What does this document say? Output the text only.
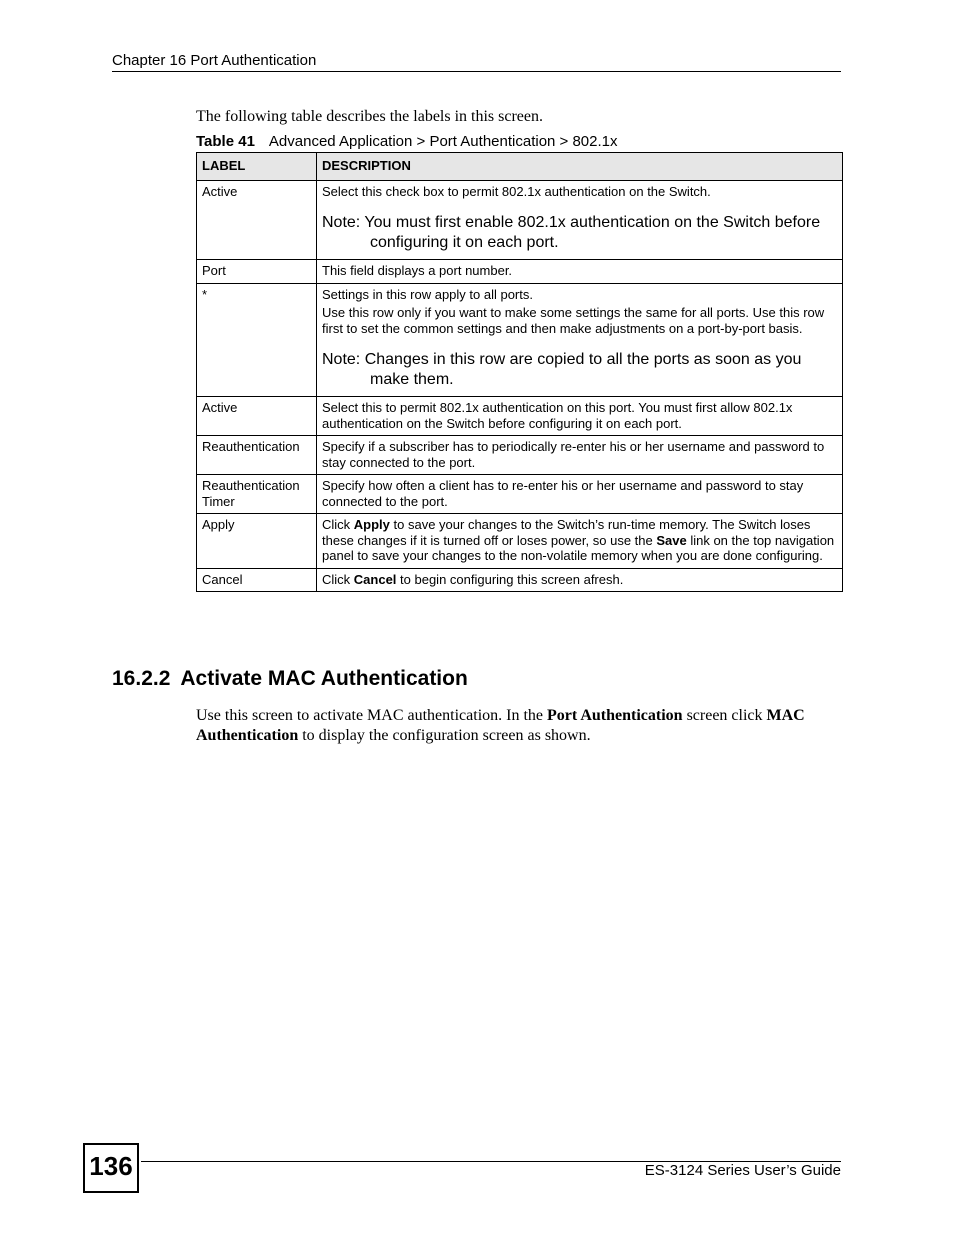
Chapter 16 Port Authentication
The following table describes the labels in this screen.
Table 41 Advanced Application > Port Authentication > 802.1x
LABEL	DESCRIPTION
Active	Select this check box to permit 802.1x authentication on the Switch.

Note: You must first enable 802.1x authentication on the Switch before configuring it on each port.

Port	This field displays a port number.

*	Settings in this row apply to all ports.

Use this row only if you want to make some settings the same for all ports. Use this row first to set the common settings and then make adjustments on a port-by-port basis.

Note: Changes in this row are copied to all the ports as soon as you make them.

Active	Select this to permit 802.1x authentication on this port. You must first allow 802.1x authentication on the Switch before configuring it on each port.

Reauthentication	Specify if a subscriber has to periodically re-enter his or her username and password to stay connected to the port.

Reauthentication Timer	Specify how often a client has to re-enter his or her username and password to stay connected to the port.

Apply	Click Apply to save your changes to the Switch’s run-time memory. The Switch loses these changes if it is turned off or loses power, so use the Save link on the top navigation panel to save your changes to the non-volatile memory when you are done configuring.

Cancel	Click Cancel to begin configuring this screen afresh.

16.2.2 Activate MAC Authentication
Use this screen to activate MAC authentication. In the Port Authentication screen click MAC Authentication to display the configuration screen as shown.
136	ES-3124 Series User’s Guide
